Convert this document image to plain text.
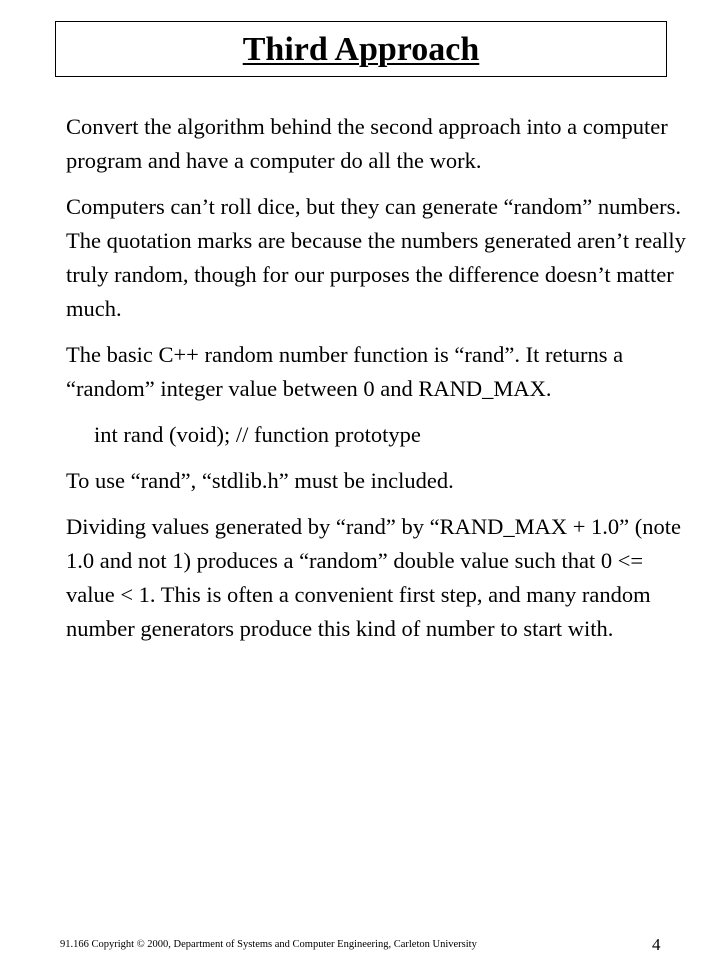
Third Approach

Convert the algorithm behind the second approach into a computer program and have a computer do all the work.

Computers can’t roll dice, but they can generate “random” numbers. The quotation marks are because the numbers generated aren’t really truly random, though for our purposes the difference doesn’t matter much.

The basic C++ random number function is “rand”. It returns a “random” integer value between 0 and RAND_MAX.

int rand (void); // function prototype

To use “rand”, “stdlib.h” must be included.

Dividing values generated by “rand” by “RAND_MAX + 1.0” (note 1.0 and not 1) produces a “random” double value such that 0 <= value < 1. This is often a convenient first step, and many random number generators produce this kind of number to start with.

91.166 Copyright © 2000, Department of Systems and Computer Engineering, Carleton University	4
